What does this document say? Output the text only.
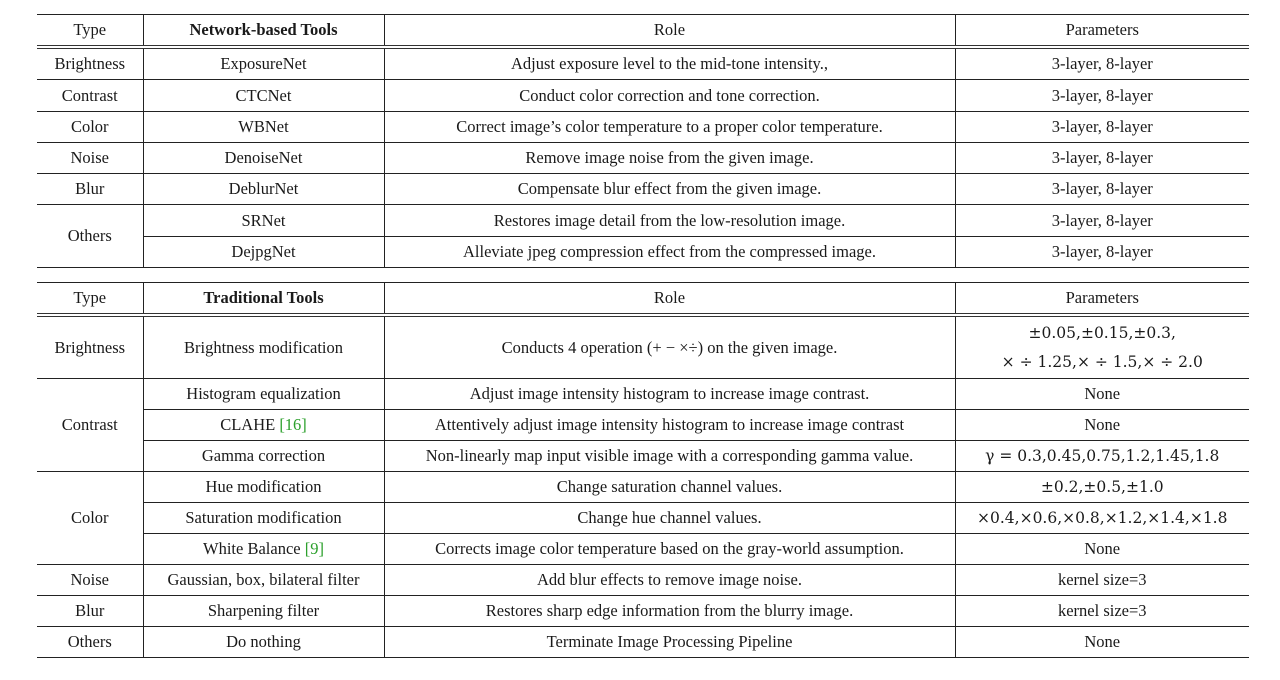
Type	Network-based Tools	Role	Parameters
Brightness	ExposureNet	Adjust exposure level to the mid-tone intensity.,	3-layer, 8-layer
Contrast	CTCNet	Conduct color correction and tone correction.	3-layer, 8-layer
Color	WBNet	Correct image’s color temperature to a proper color temperature.	3-layer, 8-layer
Noise	DenoiseNet	Remove image noise from the given image.	3-layer, 8-layer
Blur	DeblurNet	Compensate blur effect from the given image.	3-layer, 8-layer
Others	SRNet	Restores image detail from the low-resolution image.	3-layer, 8-layer
	DejpgNet	Alleviate jpeg compression effect from the compressed image.	3-layer, 8-layer
Type	Traditional Tools	Role	Parameters
Brightness	Brightness modification	Conducts 4 operation (+ − ×÷) on the given image.	±0.05,±0.15,±0.3,
× ÷ 1.25,× ÷ 1.5,× ÷ 2.0

Contrast	Histogram equalization	Adjust image intensity histogram to increase image contrast.	None
	CLAHE [16]	Attentively adjust image intensity histogram to increase image contrast	None
	Gamma correction	Non-linearly map input visible image with a corresponding gamma value.	γ = 0.3,0.45,0.75,1.2,1.45,1.8
Color	Hue modification	Change saturation channel values.	±0.2,±0.5,±1.0
	Saturation modification	Change hue channel values.	×0.4,×0.6,×0.8,×1.2,×1.4,×1.8
	White Balance [9]	Corrects image color temperature based on the gray-world assumption.	None
Noise	Gaussian, box, bilateral filter	Add blur effects to remove image noise.	kernel size=3
Blur	Sharpening filter	Restores sharp edge information from the blurry image.	kernel size=3
Others	Do nothing	Terminate Image Processing Pipeline	None
